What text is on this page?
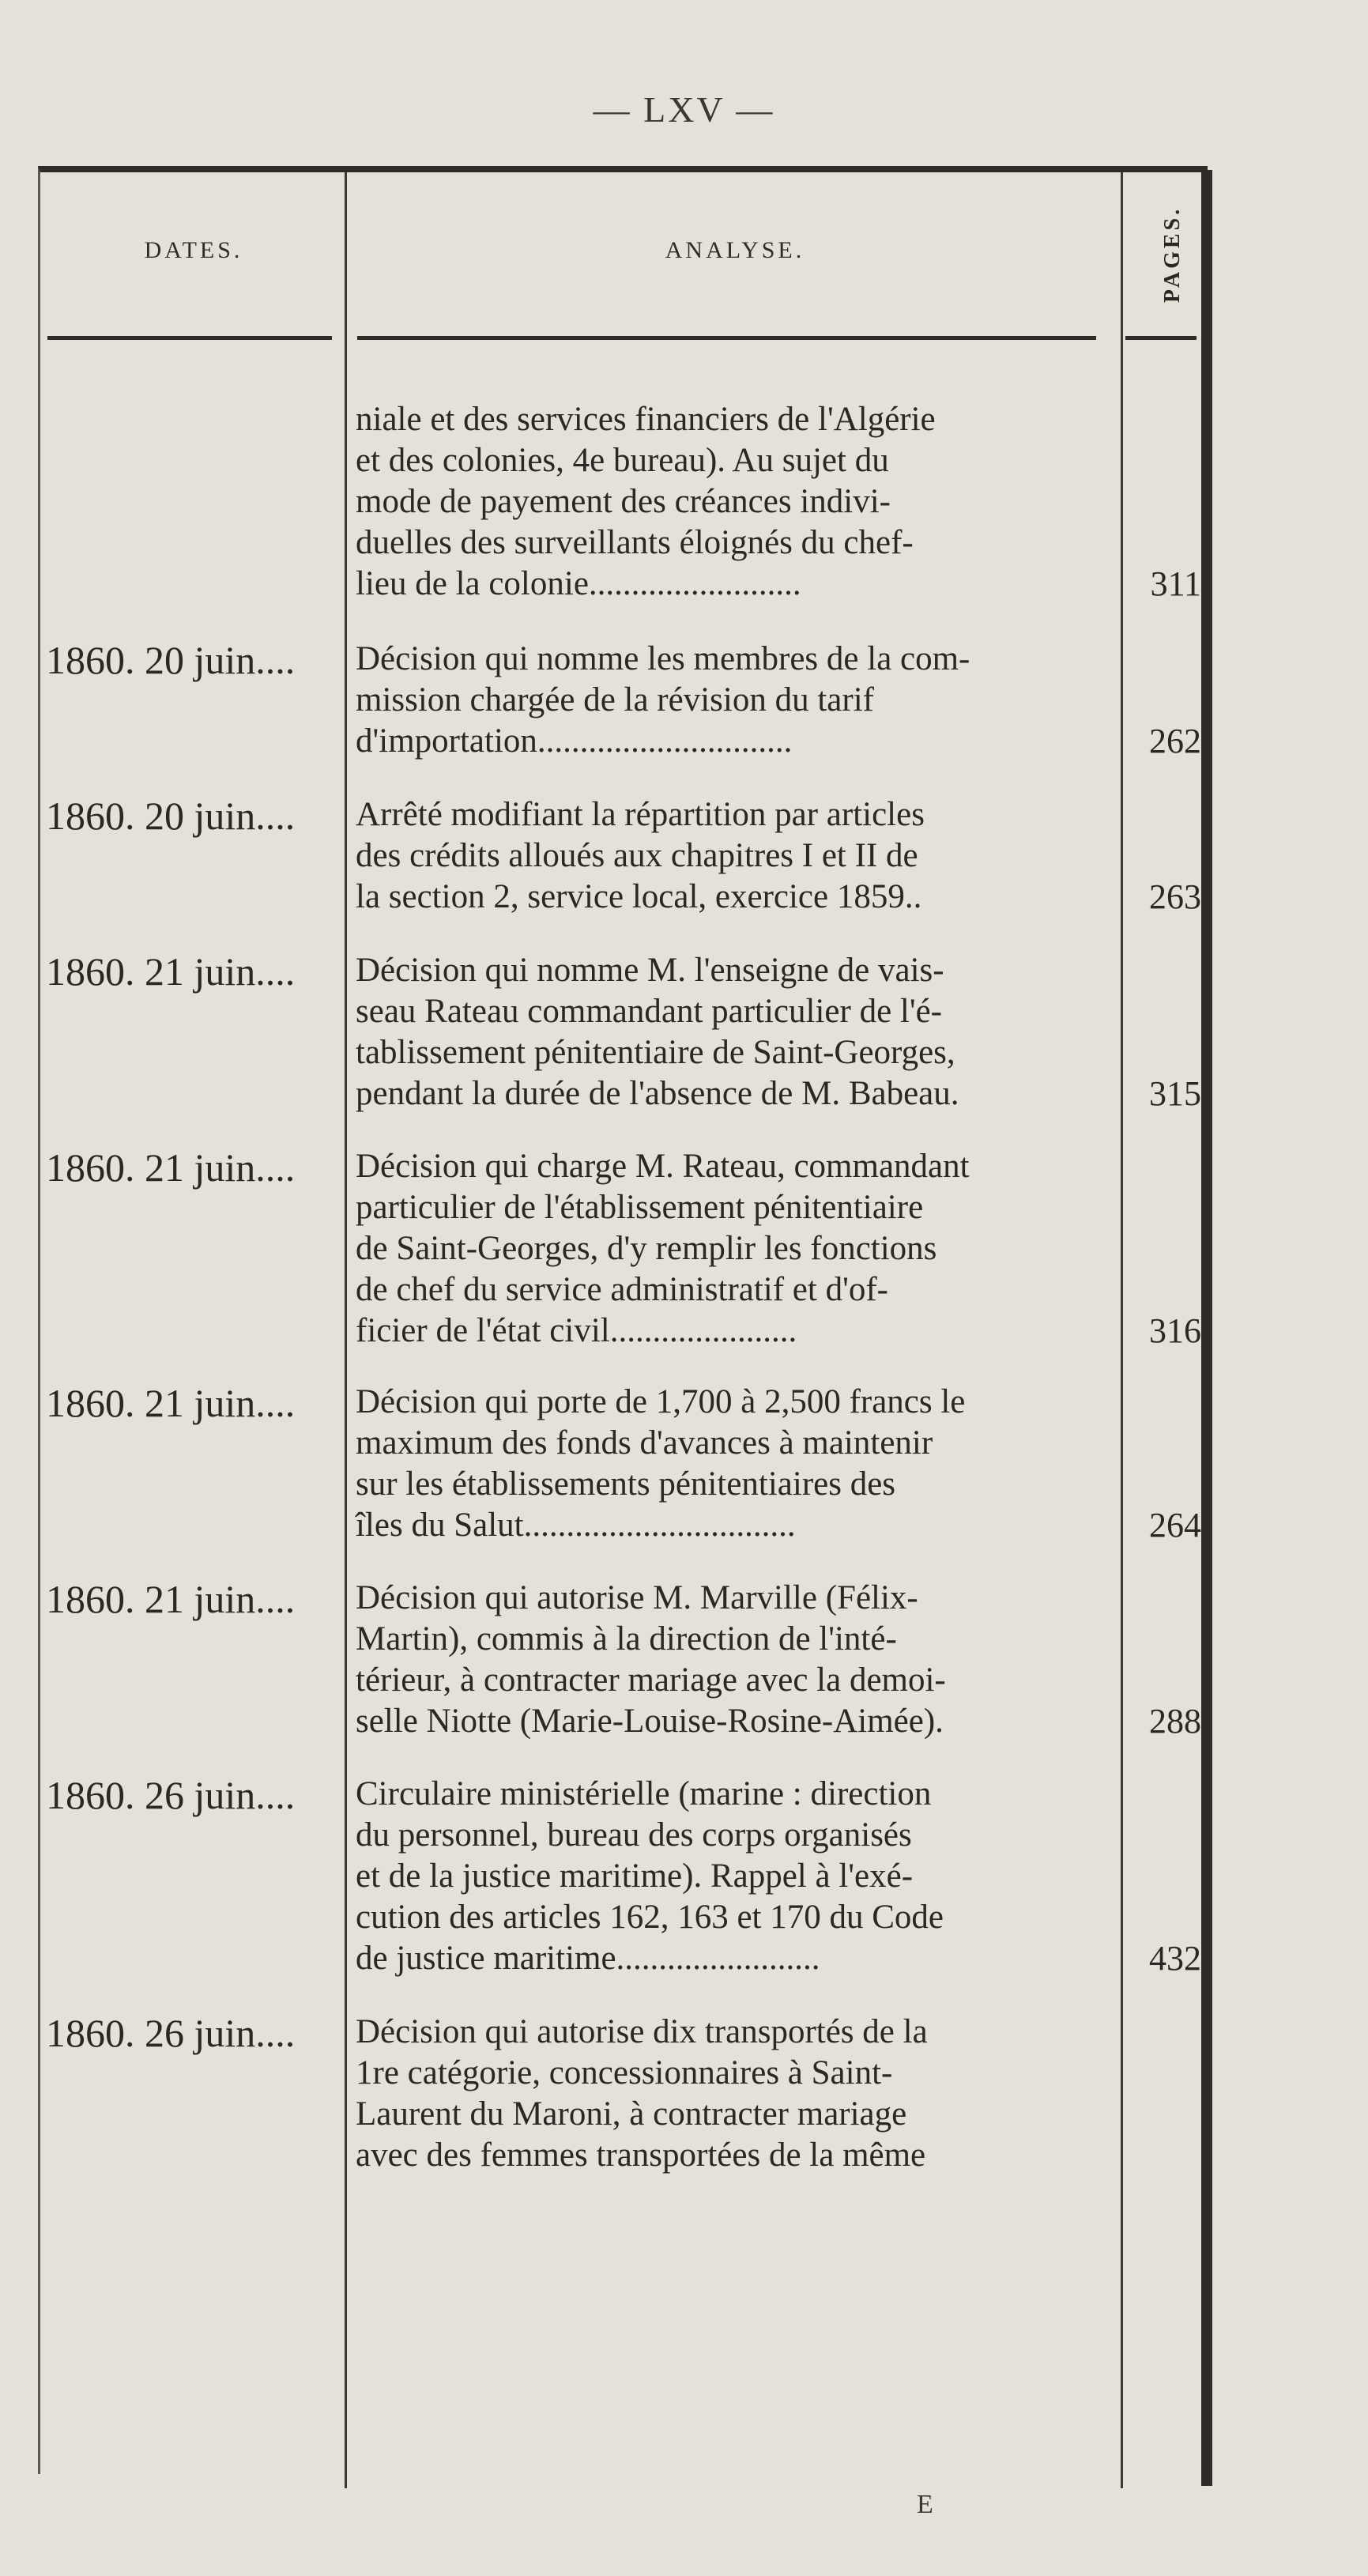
— LXV —
DATES.	ANALYSE.	PAGES.

niale et des services financiers de l'Algérie

et des colonies, 4e bureau). Au sujet du

mode de payement des créances indivi-

duelles des surveillants éloignés du chef-

lieu de la colonie.........................	311
1860. 20 juin....	Décision qui nomme les membres de la com-

mission chargée de la révision du tarif

d'importation..............................	262
1860. 20 juin....	Arrêté modifiant la répartition par articles

des crédits alloués aux chapitres I et II de

la section 2, service local, exercice 1859..	263
1860. 21 juin....	Décision qui nomme M. l'enseigne de vais-

seau Rateau commandant particulier de l'é-

tablissement pénitentiaire de Saint-Georges,

pendant la durée de l'absence de M. Babeau.	315
1860. 21 juin....	Décision qui charge M. Rateau, commandant

particulier de l'établissement pénitentiaire

de Saint-Georges, d'y remplir les fonctions

de chef du service administratif et d'of-

ficier de l'état civil......................	316
1860. 21 juin....	Décision qui porte de 1,700 à 2,500 francs le

maximum des fonds d'avances à maintenir

sur les établissements pénitentiaires des

îles du Salut................................	264
1860. 21 juin....	Décision qui autorise M. Marville (Félix-

Martin), commis à la direction de l'inté-

térieur, à contracter mariage avec la demoi-

selle Niotte (Marie-Louise-Rosine-Aimée).	288
1860. 26 juin....	Circulaire ministérielle (marine : direction

du personnel, bureau des corps organisés

et de la justice maritime). Rappel à l'exé-

cution des articles 162, 163 et 170 du Code

de justice maritime........................	432
1860. 26 juin....	Décision qui autorise dix transportés de la

1re catégorie, concessionnaires à Saint-

Laurent du Maroni, à contracter mariage

avec des femmes transportées de la même

E
